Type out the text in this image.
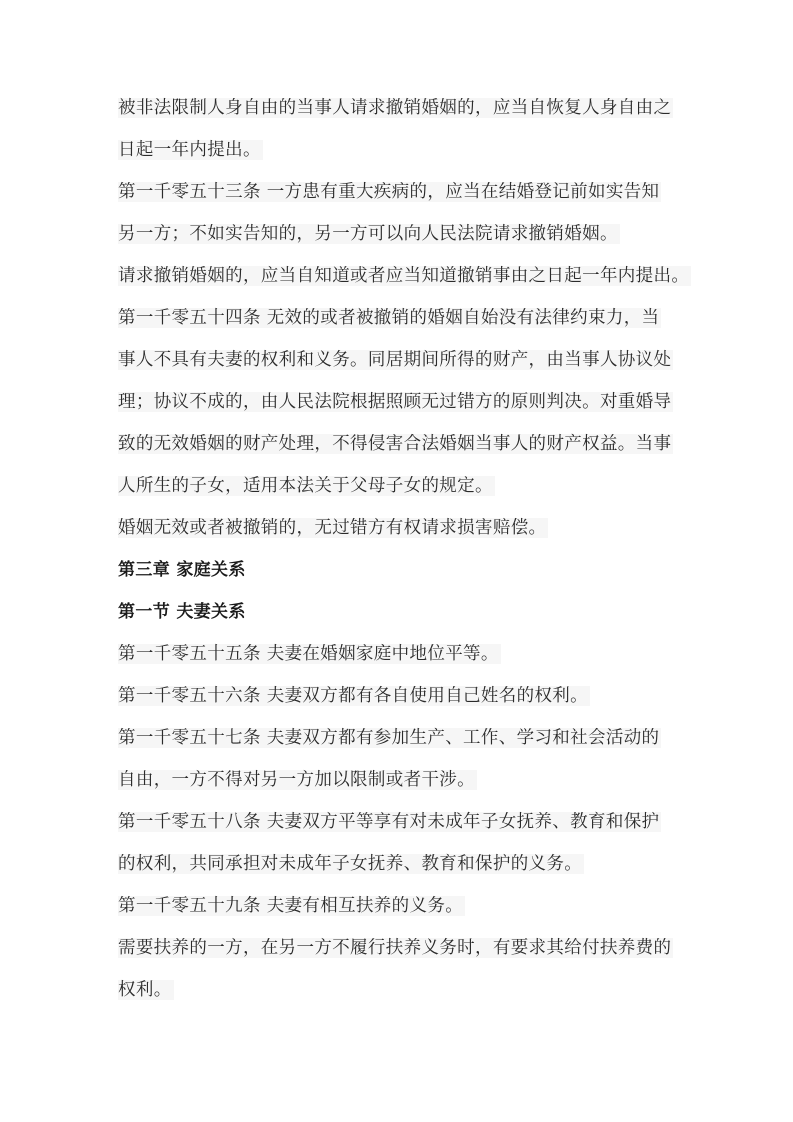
被非法限制人身自由的当事人请求撤销婚姻的，应当自恢复人身自由之
日起一年内提出。
第一千零五十三条 一方患有重大疾病的，应当在结婚登记前如实告知
另一方；不如实告知的，另一方可以向人民法院请求撤销婚姻。
请求撤销婚姻的，应当自知道或者应当知道撤销事由之日起一年内提出。
第一千零五十四条 无效的或者被撤销的婚姻自始没有法律约束力，当
事人不具有夫妻的权利和义务。同居期间所得的财产，由当事人协议处
理；协议不成的，由人民法院根据照顾无过错方的原则判决。对重婚导
致的无效婚姻的财产处理，不得侵害合法婚姻当事人的财产权益。当事
人所生的子女，适用本法关于父母子女的规定。
婚姻无效或者被撤销的，无过错方有权请求损害赔偿。
第三章 家庭关系
第一节 夫妻关系
第一千零五十五条 夫妻在婚姻家庭中地位平等。
第一千零五十六条 夫妻双方都有各自使用自己姓名的权利。
第一千零五十七条 夫妻双方都有参加生产、工作、学习和社会活动的
自由，一方不得对另一方加以限制或者干涉。
第一千零五十八条 夫妻双方平等享有对未成年子女抚养、教育和保护
的权利，共同承担对未成年子女抚养、教育和保护的义务。
第一千零五十九条 夫妻有相互扶养的义务。
需要扶养的一方，在另一方不履行扶养义务时，有要求其给付扶养费的
权利。
